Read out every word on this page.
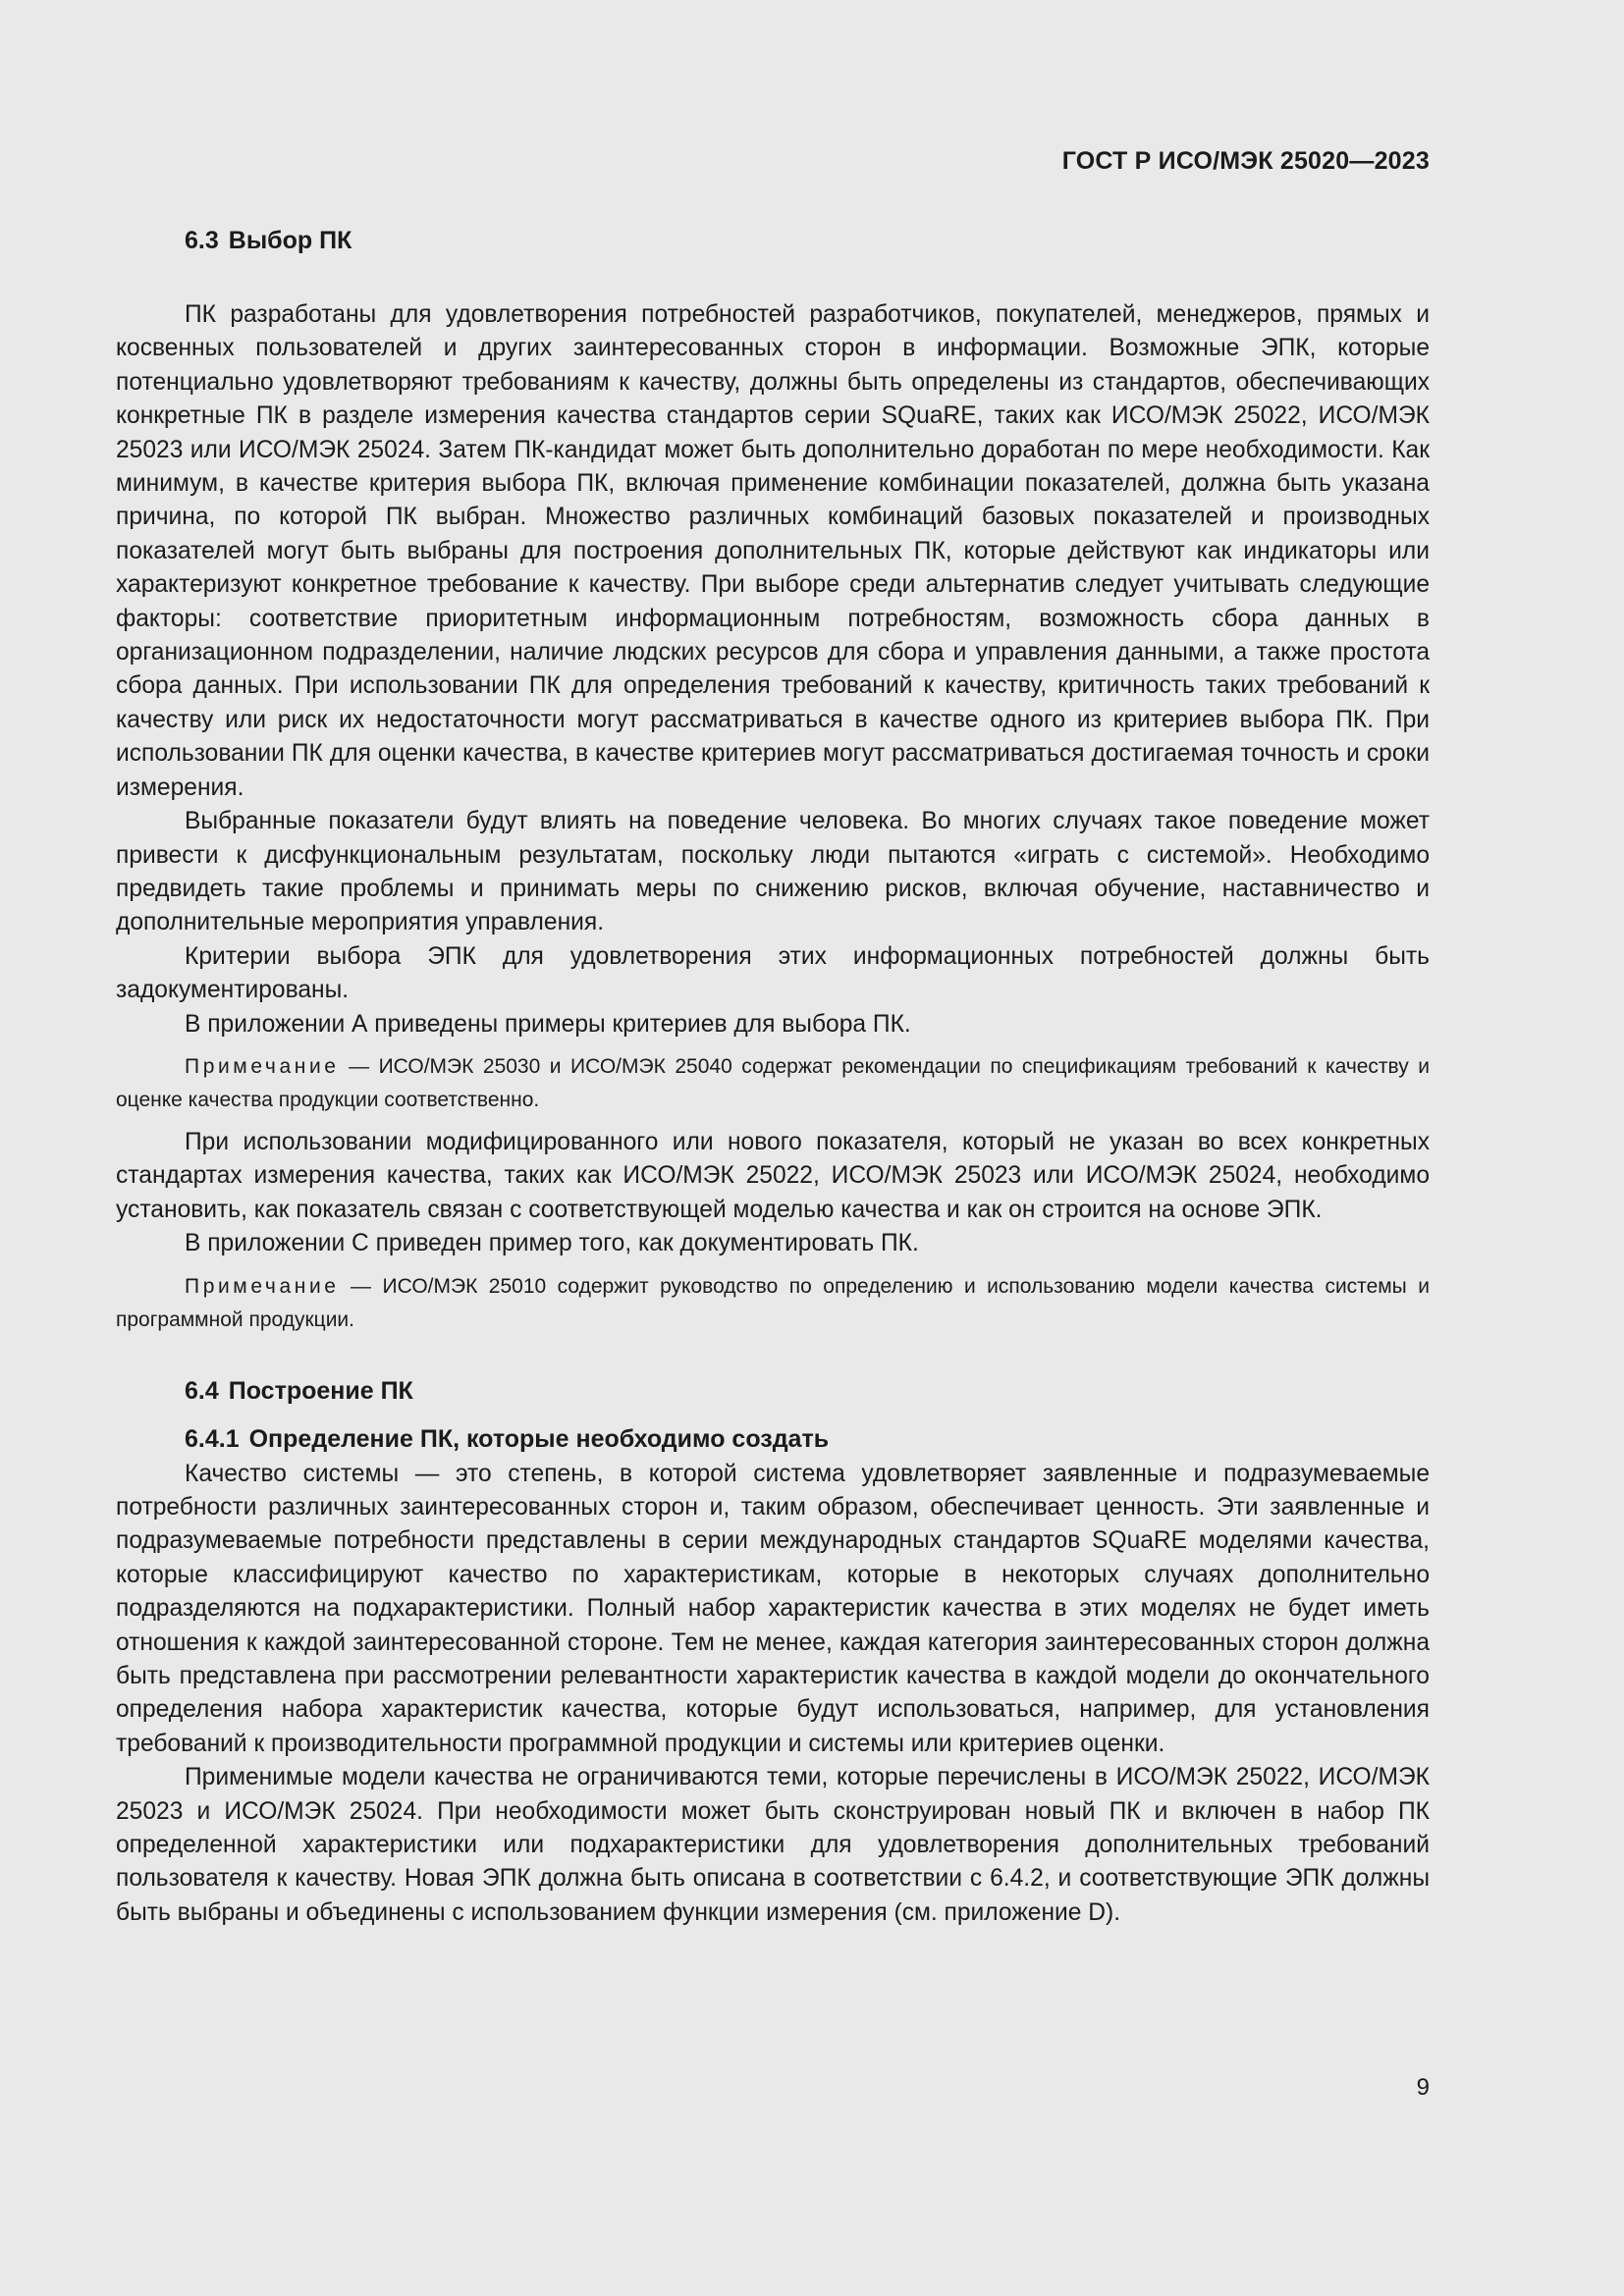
ГОСТ Р ИСО/МЭК 25020—2023
6.3 Выбор ПК

ПК разработаны для удовлетворения потребностей разработчиков, покупателей, менеджеров, прямых и косвенных пользователей и других заинтересованных сторон в информации. Возможные ЭПК, которые потенциально удовлетворяют требованиям к качеству, должны быть определены из стандартов, обеспечивающих конкретные ПК в разделе измерения качества стандартов серии SQuaRE, таких как ИСО/МЭК 25022, ИСО/МЭК 25023 или ИСО/МЭК 25024. Затем ПК-кандидат может быть дополнительно доработан по мере необходимости. Как минимум, в качестве критерия выбора ПК, включая применение комбинации показателей, должна быть указана причина, по которой ПК выбран. Множество различных комбинаций базовых показателей и производных показателей могут быть выбраны для построения дополнительных ПК, которые действуют как индикаторы или характеризуют конкретное требование к качеству. При выборе среди альтернатив следует учитывать следующие факторы: соответствие приоритетным информационным потребностям, возможность сбора данных в организационном подразделении, наличие людских ресурсов для сбора и управления данными, а также простота сбора данных. При использовании ПК для определения требований к качеству, критичность таких требований к качеству или риск их недостаточности могут рассматриваться в качестве одного из критериев выбора ПК. При использовании ПК для оценки качества, в качестве критериев могут рассматриваться достигаемая точность и сроки измерения.

Выбранные показатели будут влиять на поведение человека. Во многих случаях такое поведение может привести к дисфункциональным результатам, поскольку люди пытаются «играть с системой». Необходимо предвидеть такие проблемы и принимать меры по снижению рисков, включая обучение, наставничество и дополнительные мероприятия управления.

Критерии выбора ЭПК для удовлетворения этих информационных потребностей должны быть задокументированы.

В приложении А приведены примеры критериев для выбора ПК.

Примечание — ИСО/МЭК 25030 и ИСО/МЭК 25040 содержат рекомендации по спецификациям требований к качеству и оценке качества продукции соответственно.

При использовании модифицированного или нового показателя, который не указан во всех конкретных стандартах измерения качества, таких как ИСО/МЭК 25022, ИСО/МЭК 25023 или ИСО/МЭК 25024, необходимо установить, как показатель связан с соответствующей моделью качества и как он строится на основе ЭПК.

В приложении С приведен пример того, как документировать ПК.

Примечание — ИСО/МЭК 25010 содержит руководство по определению и использованию модели качества системы и программной продукции.

6.4 Построение ПК
6.4.1 Определение ПК, которые необходимо создать

Качество системы — это степень, в которой система удовлетворяет заявленные и подразумеваемые потребности различных заинтересованных сторон и, таким образом, обеспечивает ценность. Эти заявленные и подразумеваемые потребности представлены в серии международных стандартов SQuaRE моделями качества, которые классифицируют качество по характеристикам, которые в некоторых случаях дополнительно подразделяются на подхарактеристики. Полный набор характеристик качества в этих моделях не будет иметь отношения к каждой заинтересованной стороне. Тем не менее, каждая категория заинтересованных сторон должна быть представлена при рассмотрении релевантности характеристик качества в каждой модели до окончательного определения набора характеристик качества, которые будут использоваться, например, для установления требований к производительности программной продукции и системы или критериев оценки.

Применимые модели качества не ограничиваются теми, которые перечислены в ИСО/МЭК 25022, ИСО/МЭК 25023 и ИСО/МЭК 25024. При необходимости может быть сконструирован новый ПК и включен в набор ПК определенной характеристики или подхарактеристики для удовлетворения дополнительных требований пользователя к качеству. Новая ЭПК должна быть описана в соответствии с 6.4.2, и соответствующие ЭПК должны быть выбраны и объединены с использованием функции измерения (см. приложение D).

9
